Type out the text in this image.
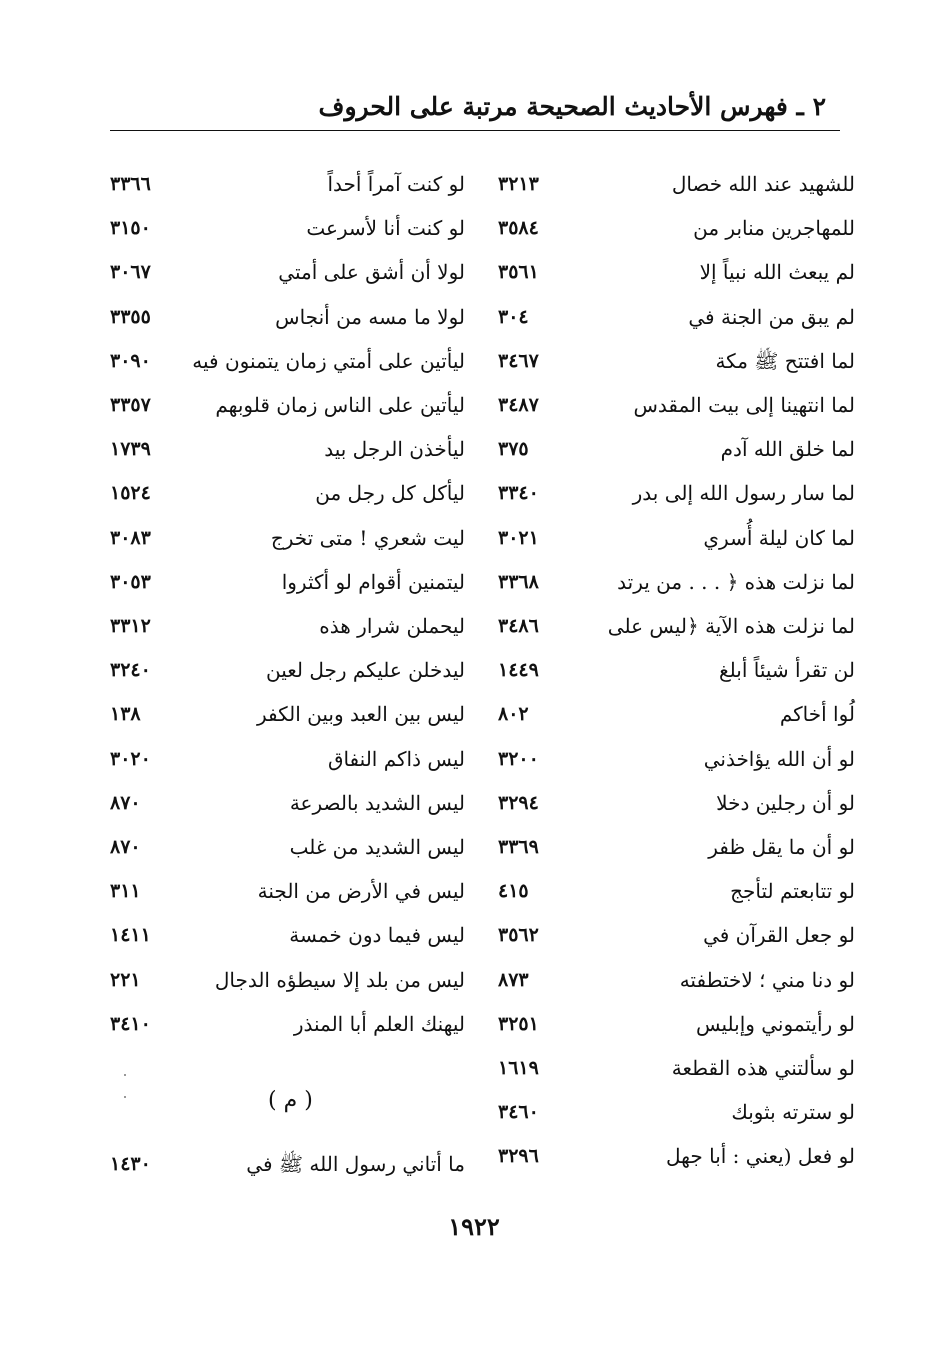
٢ ـ فهرس الأحاديث الصحيحة مرتبة على الحروف
للشهيد عند الله خصال
٣٢١٣
للمهاجرين منابر من
٣٥٨٤
لم يبعث الله نبياً إلا
٣٥٦١
لم يبق من الجنة في
٣٠٤
لما افتتح ﷺ مكة
٣٤٦٧
لما انتهينا إلى بيت المقدس
٣٤٨٧
لما خلق الله آدم
٣٧٥
لما سار رسول الله إلى بدر
٣٣٤٠
لما كان ليلة أُسري
٣٠٢١
لما نزلت هذه ﴿ . . . من يرتد
٣٣٦٨
لما نزلت هذه الآية ﴿ليس على
٣٤٨٦
لن تقرأ شيئاً أبلغ
١٤٤٩
لُوا أخاكم
٨٠٢
لو أن الله يؤاخذني
٣٢٠٠
لو أن رجلين دخلا
٣٢٩٤
لو أن ما يقل ظفر
٣٣٦٩
لو تتابعتم لتأجج
٤١٥
لو جعل القرآن في
٣٥٦٢
لو دنا مني ؛ لاختطفته
٨٧٣
لو رأيتموني وإبليس
٣٢٥١
لو سألتني هذه القطعة
١٦١٩
لو سترته بثوبك
٣٤٦٠
لو فعل (يعني : أبا جهل
٣٢٩٦
لو كنت آمراً أحداً
٣٣٦٦
لو كنت أنا لأسرعت
٣١٥٠
لولا أن أشق على أمتي
٣٠٦٧
لولا ما مسه من أنجاس
٣٣٥٥
ليأتين على أمتي زمان يتمنون فيه
٣٠٩٠
ليأتين على الناس زمان قلوبهم
٣٣٥٧
ليأخذن الرجل بيد
١٧٣٩
ليأكل كل رجل من
١٥٢٤
ليت شعري ! متى تخرج
٣٠٨٣
ليتمنين أقوام لو أكثروا
٣٠٥٣
ليحملن شرار هذه
٣٣١٢
ليدخلن عليكم رجل لعين
٣٢٤٠
ليس بين العبد وبين الكفر
١٣٨
ليس ذاكم النفاق
٣٠٢٠
ليس الشديد بالصرعة
٨٧٠
ليس الشديد من غلب
٨٧٠
ليس في الأرض من الجنة
٣١١
ليس فيما دون خمسة
١٤١١
ليس من بلد إلا سيطؤه الدجال
٢٢١
ليهنك العلم أبا المنذر
٣٤١٠
( م )
ما أتاني رسول الله ﷺ في
١٤٣٠
١٩٢٢
